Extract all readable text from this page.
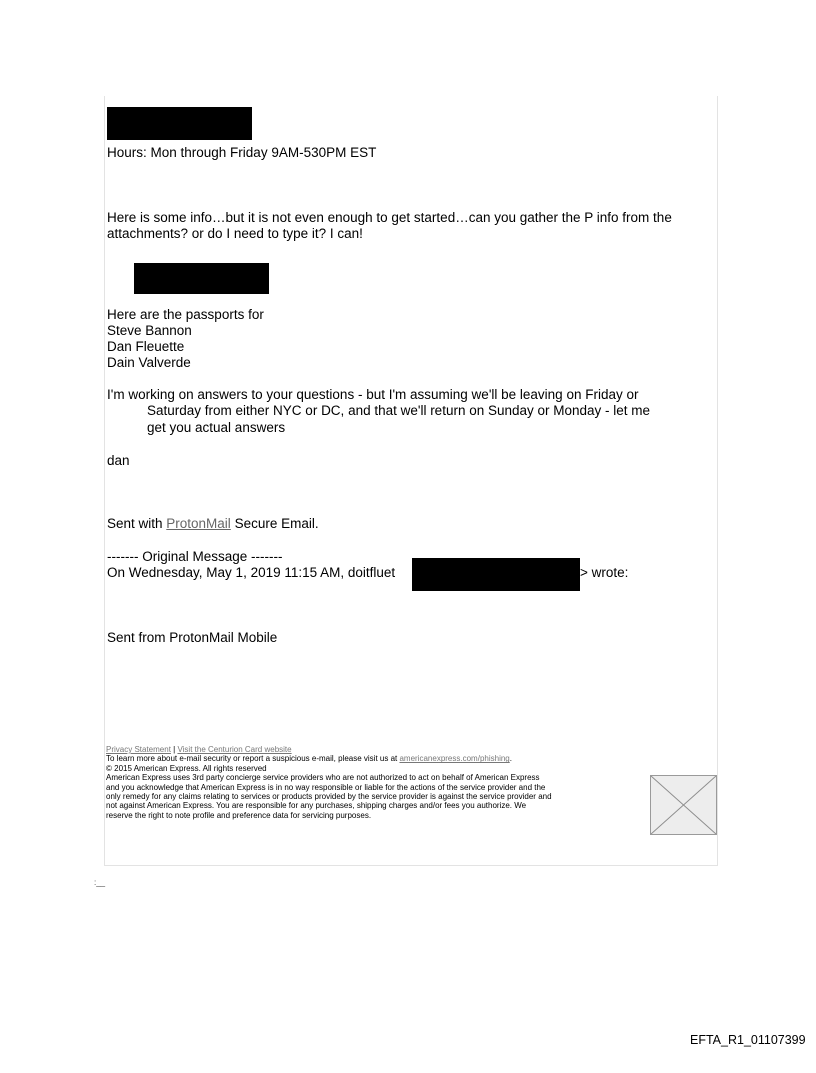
Hours: Mon through Friday 9AM-530PM EST
Here is some info…but it is not even enough to get started…can you gather the P info from the
attachments? or do I need to type it? I can!
Here are the passports for
Steve Bannon
Dan Fleuette
Dain Valverde
I'm working on answers to your questions - but I'm assuming we'll be leaving on Friday or
Saturday from either NYC or DC, and that we'll return on Sunday or Monday - let me
get you actual answers
dan
Sent with ProtonMail Secure Email.
------- Original Message -------
On Wednesday, May 1, 2019 11:15 AM, doitfluet	> wrote:
Sent from ProtonMail Mobile
Privacy Statement | Visit the Centurion Card website
To learn more about e-mail security or report a suspicious e-mail, please visit us at americanexpress.com/phishing.
© 2015 American Express. All rights reserved
American Express uses 3rd party concierge service providers who are not authorized to act on behalf of American Express
and you acknowledge that American Express is in no way responsible or liable for the actions of the service provider and the
only remedy for any claims relating to services or products provided by the service provider is against the service provider and
not against American Express. You are responsible for any purchases, shipping charges and/or fees you authorize. We
reserve the right to note profile and preference data for servicing purposes.
:__
EFTA_R1_01107399
